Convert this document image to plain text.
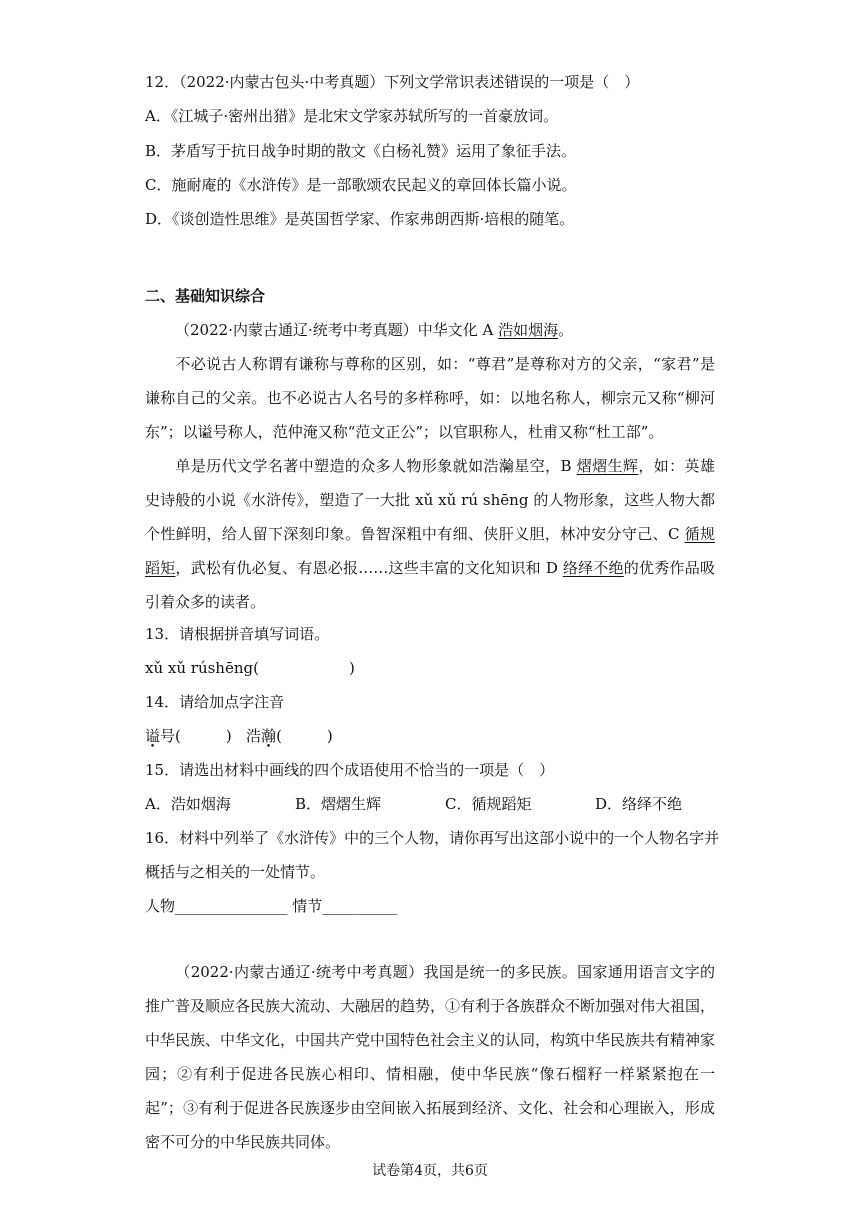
12．（2022·内蒙古包头·中考真题）下列文学常识表述错误的一项是（　）
A．《江城子·密州出猎》是北宋文学家苏轼所写的一首豪放词。
B．茅盾写于抗日战争时期的散文《白杨礼赞》运用了象征手法。
C．施耐庵的《水浒传》是一部歌颂农民起义的章回体长篇小说。
D．《谈创造性思维》是英国哲学家、作家弗朗西斯·培根的随笔。
二、基础知识综合
（2022·内蒙古通辽·统考中考真题）中华文化 A 浩如烟海。
不必说古人称谓有谦称与尊称的区别，如：“尊君”是尊称对方的父亲，“家君”是谦称自己的父亲。也不必说古人名号的多样称呼，如：以地名称人，柳宗元又称“柳河东”；以谥 •号称人，范仲淹又称“范文正公”；以官职称人，杜甫又称“杜工部”。
单是历代文学名著中塑造的众多人物形象就如浩瀚 •星空，B 熠熠生辉，如：英雄史诗般的小说《水浒传》，塑造了一大批 xǔ xǔ rú shēng 的人物形象，这些人物大都个性鲜明，给人留下深刻印象。鲁智深粗中有细、侠肝义胆，林冲安分守己、C 循规蹈矩，武松有仇必复、有恩必报……这些丰富的文化知识和 D 络绎不绝的优秀作品吸引着众多的读者。
13．请根据拼音填写词语。
xǔ xǔ rúshēng(　　　　　　)
14．请给加点字注音
谥号(　　　) 浩瀚(　　　)
15．请选出材料中画线的四个成语使用不恰当的一项是（　）
A．浩如烟海	B．熠熠生辉	C．循规蹈矩	D．络绎不绝
16．材料中列举了《水浒传》中的三个人物，请你再写出这部小说中的一个人物名字并
概括与之相关的一处情节。
人物_______________ 情节__________
（2022·内蒙古通辽·统考中考真题）我国是统一的多民族。国家通用语言文字的推广普及顺应各民族大流动、大融居的趋势，①有利于各族群众不断加强对伟大祖国，中华民族、中华文化，中国共产党中国特色社会主义的认同，构筑中华民族共有精神家园；②有利于促进各民族心相印、情相融，使中华民族“像石榴籽一样紧紧抱在一起”；③有利于促进各民族逐步由空间嵌入拓展到经济、文化、社会和心理嵌入，形成密不可分的中华民族共同体。
试卷第4页，共6页
